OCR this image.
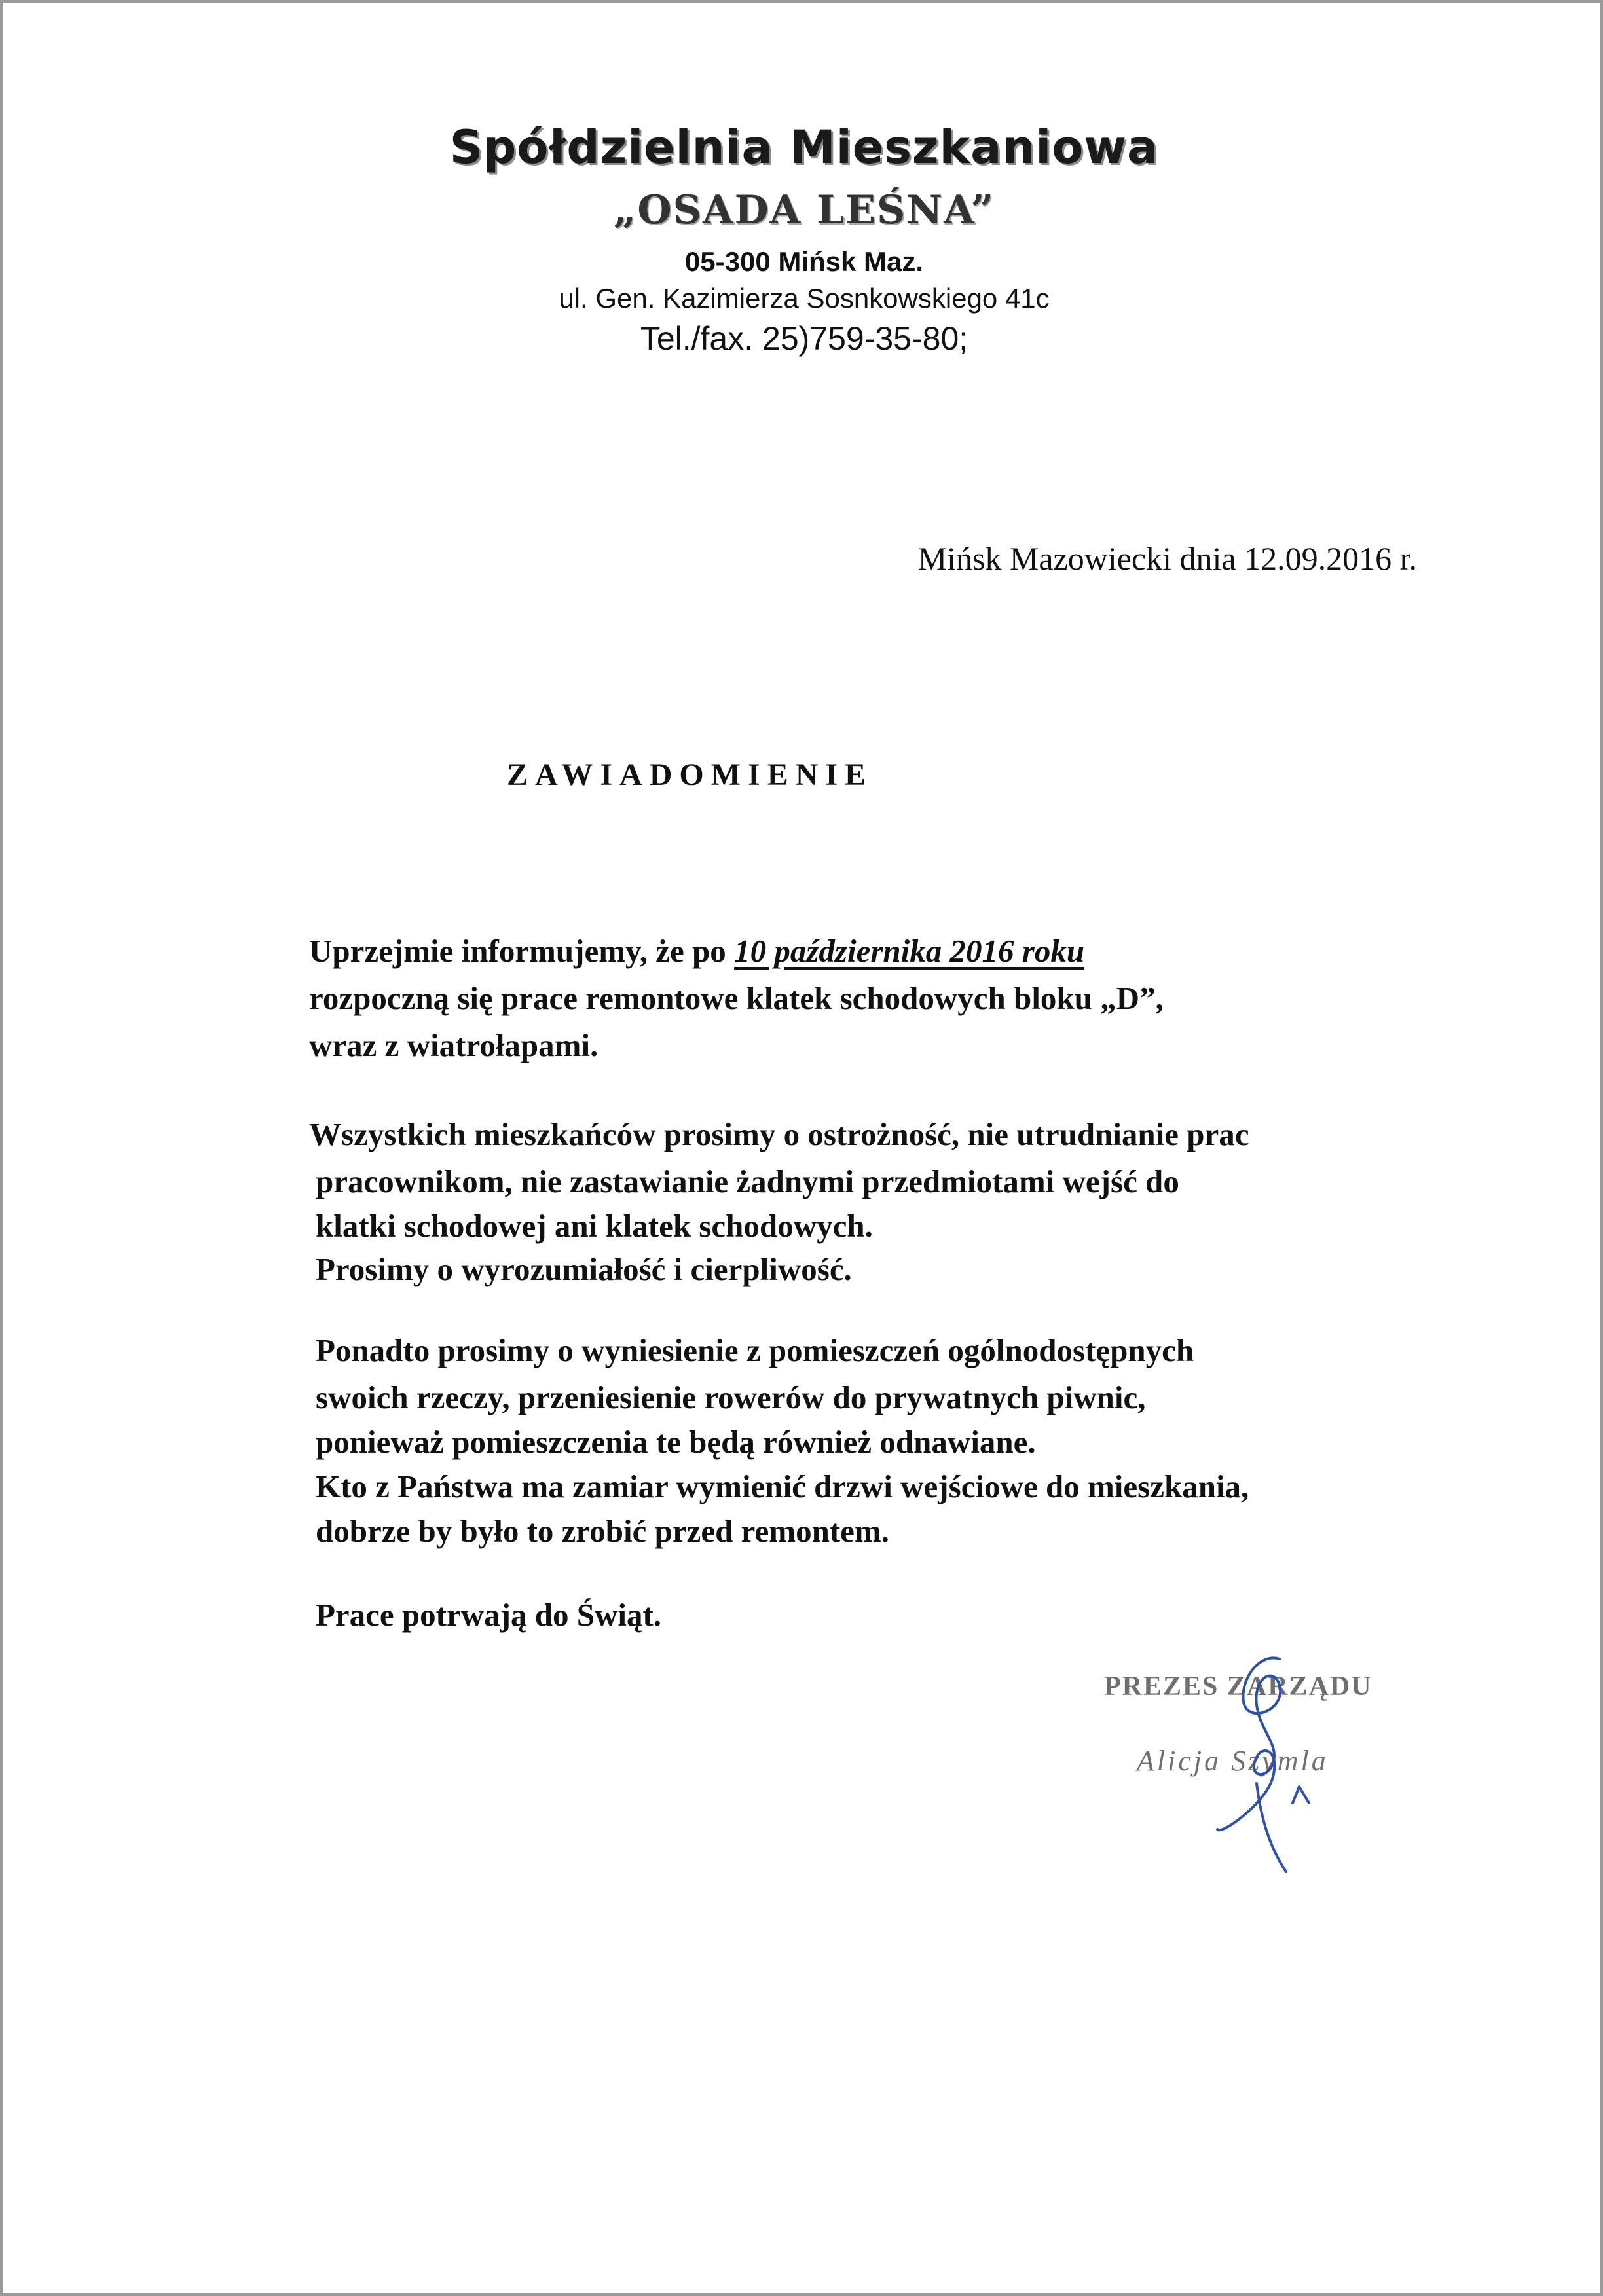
Spółdzielnia Mieszkaniowa
„OSADA LEŚNA”
05-300 Mińsk Maz.
ul. Gen. Kazimierza Sosnkowskiego 41c
Tel./fax. 25)759-35-80;
Mińsk Mazowiecki dnia 12.09.2016 r.
ZAWIADOMIENIE
Uprzejmie informujemy, że po 10 października 2016 roku
rozpoczną się prace remontowe klatek schodowych bloku „D”,
wraz z wiatrołapami.
Wszystkich mieszkańców prosimy o ostrożność, nie utrudnianie prac
pracownikom, nie zastawianie żadnymi przedmiotami wejść do
klatki schodowej ani klatek schodowych.
Prosimy o wyrozumiałość i cierpliwość.
Ponadto prosimy o wyniesienie z pomieszczeń ogólnodostępnych
swoich rzeczy, przeniesienie rowerów do prywatnych piwnic,
ponieważ pomieszczenia te będą również odnawiane.
Kto z Państwa ma zamiar wymienić drzwi wejściowe do mieszkania,
dobrze by było to zrobić przed remontem.
Prace potrwają do Świąt.
PREZES ZARZĄDU
Alicja Szymla
